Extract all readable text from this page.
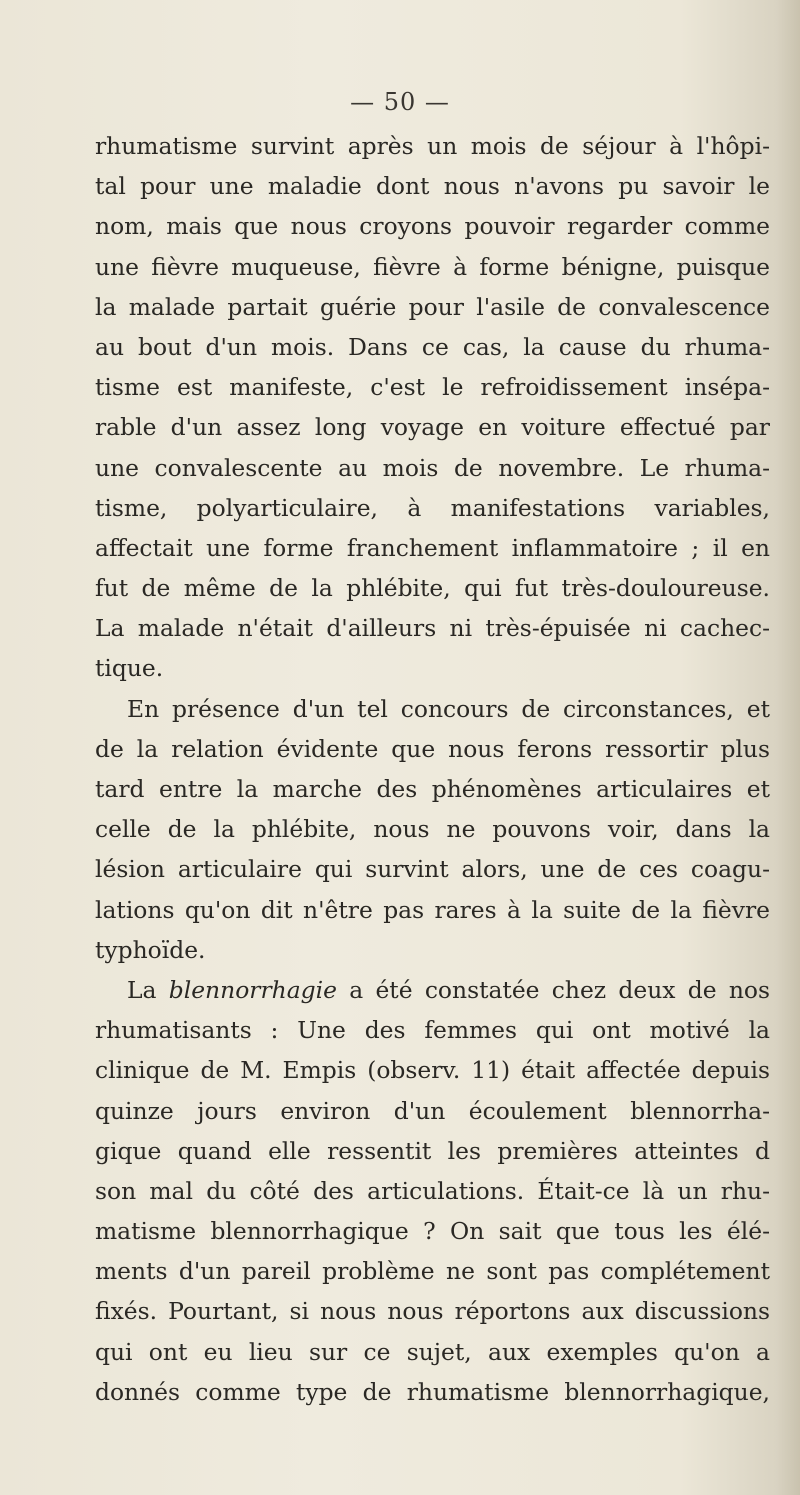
— 50 —
rhumatisme survint après un mois de séjour à l'hôpi-
tal pour une maladie dont nous n'avons pu savoir le
nom, mais que nous croyons pouvoir regarder comme
une fièvre muqueuse, fièvre à forme bénigne, puisque
la malade partait guérie pour l'asile de convalescence
au bout d'un mois. Dans ce cas, la cause du rhuma-
tisme est manifeste, c'est le refroidissement insépa-
rable d'un assez long voyage en voiture effectué par
une convalescente au mois de novembre. Le rhuma-
tisme, polyarticulaire, à manifestations variables,
affectait une forme franchement inflammatoire ; il en
fut de même de la phlébite, qui fut très-douloureuse.
La malade n'était d'ailleurs ni très-épuisée ni cachec-
tique.
En présence d'un tel concours de circonstances, et
de la relation évidente que nous ferons ressortir plus
tard entre la marche des phénomènes articulaires et
celle de la phlébite, nous ne pouvons voir, dans la
lésion articulaire qui survint alors, une de ces coagu-
lations qu'on dit n'être pas rares à la suite de la fièvre
typhoïde.
La blennorrhagie a été constatée chez deux de nos
rhumatisants : Une des femmes qui ont motivé la
clinique de M. Empis (observ. 11) était affectée depuis
quinze jours environ d'un écoulement blennorrha-
gique quand elle ressentit les premières atteintes d
son mal du côté des articulations. Était-ce là un rhu-
matisme blennorrhagique ? On sait que tous les élé-
ments d'un pareil problème ne sont pas complétement
fixés. Pourtant, si nous nous réportons aux discussions
qui ont eu lieu sur ce sujet, aux exemples qu'on a
donnés comme type de rhumatisme blennorrhagique,
